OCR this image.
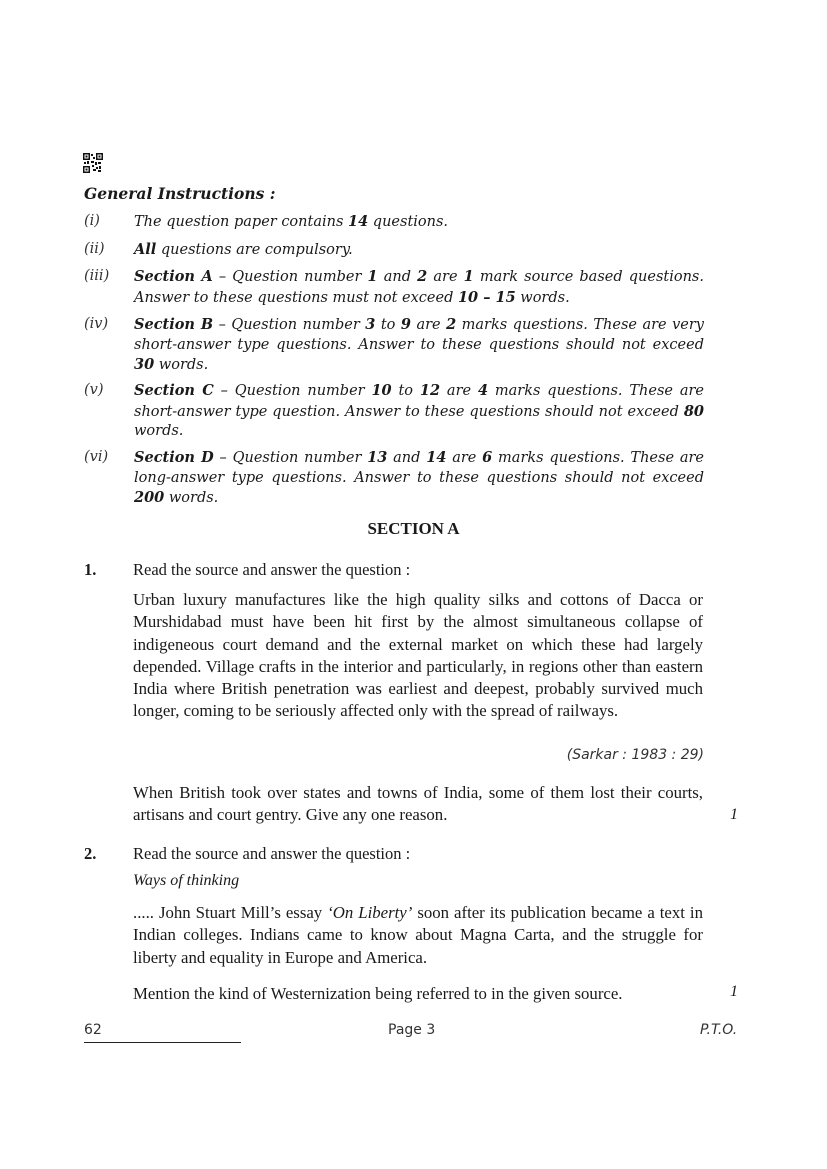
General Instructions :
(i)	The question paper contains 14 questions.
(ii)	All questions are compulsory.
(iii)	Section A – Question number 1 and 2 are 1 mark source based questions. Answer to these questions must not exceed 10 – 15 words.
(iv)	Section B – Question number 3 to 9 are 2 marks questions. These are very short-answer type questions. Answer to these questions should not exceed 30 words.
(v)	Section C – Question number 10 to 12 are 4 marks questions. These are short-answer type question. Answer to these questions should not exceed 80 words.
(vi)	Section D – Question number 13 and 14 are 6 marks questions. These are long-answer type questions. Answer to these questions should not exceed 200 words.
SECTION A
1. Read the source and answer the question :
Urban luxury manufactures like the high quality silks and cottons of Dacca or Murshidabad must have been hit first by the almost simultaneous collapse of indigeneous court demand and the external market on which these had largely depended. Village crafts in the interior and particularly, in regions other than eastern India where British penetration was earliest and deepest, probably survived much longer, coming to be seriously affected only with the spread of railways.
(Sarkar : 1983 : 29)
When British took over states and towns of India, some of them lost their courts, artisans and court gentry. Give any one reason.	1
2. Read the source and answer the question :
Ways of thinking
..... John Stuart Mill’s essay ‘On Liberty’ soon after its publication became a text in Indian colleges. Indians came to know about Magna Carta, and the struggle for liberty and equality in Europe and America.
Mention the kind of Westernization being referred to in the given source.	1
62	Page 3	P.T.O.
